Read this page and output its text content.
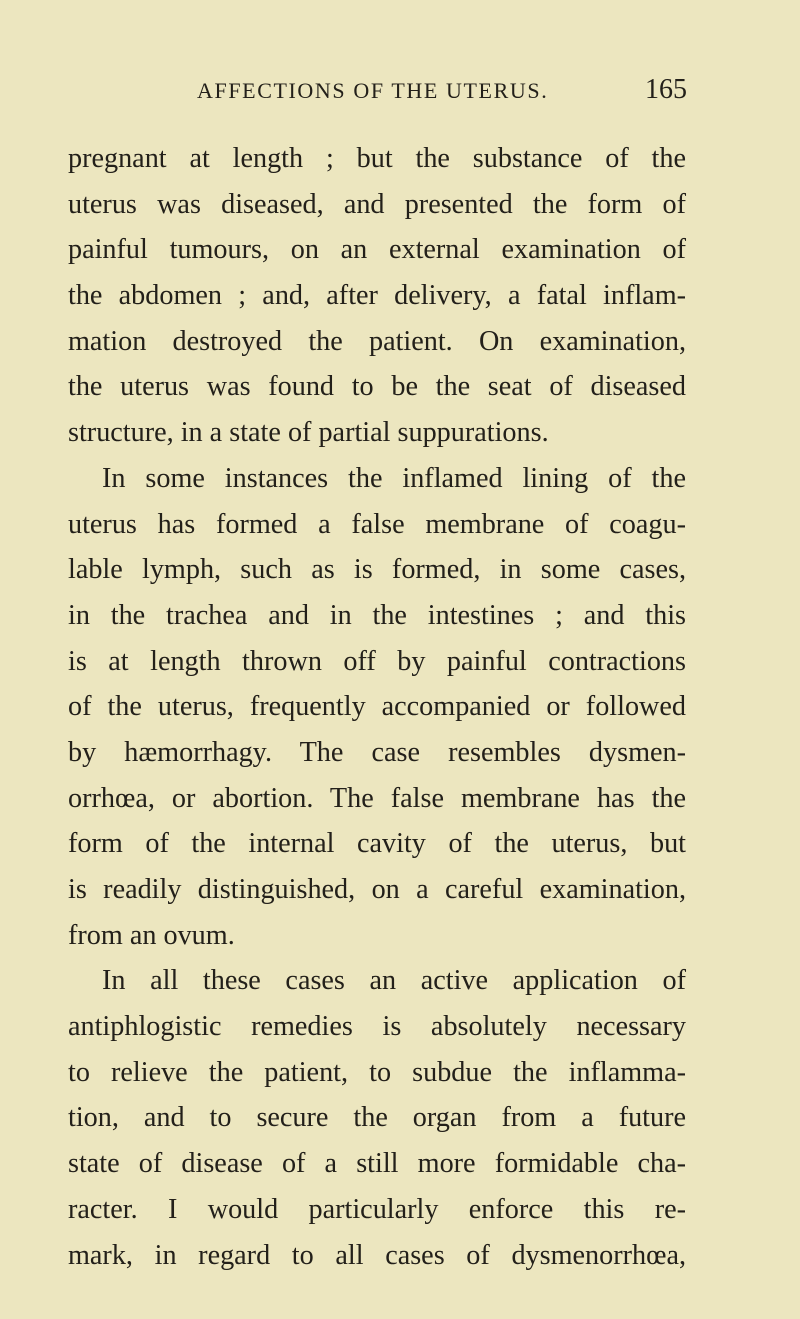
AFFECTIONS OF THE UTERUS.	165
pregnant at length ; but the substance of the
uterus was diseased, and presented the form of
painful tumours, on an external examination of
the abdomen ; and, after delivery, a fatal inflam-
mation destroyed the patient. On examination,
the uterus was found to be the seat of diseased
structure, in a state of partial suppurations.
In some instances the inflamed lining of the
uterus has formed a false membrane of coagu-
lable lymph, such as is formed, in some cases,
in the trachea and in the intestines ; and this
is at length thrown off by painful contractions
of the uterus, frequently accompanied or followed
by hæmorrhagy. The case resembles dysmen-
orrhœa, or abortion. The false membrane has the
form of the internal cavity of the uterus, but
is readily distinguished, on a careful examination,
from an ovum.
In all these cases an active application of
antiphlogistic remedies is absolutely necessary
to relieve the patient, to subdue the inflamma-
tion, and to secure the organ from a future
state of disease of a still more formidable cha-
racter. I would particularly enforce this re-
mark, in regard to all cases of dysmenorrhœa,
